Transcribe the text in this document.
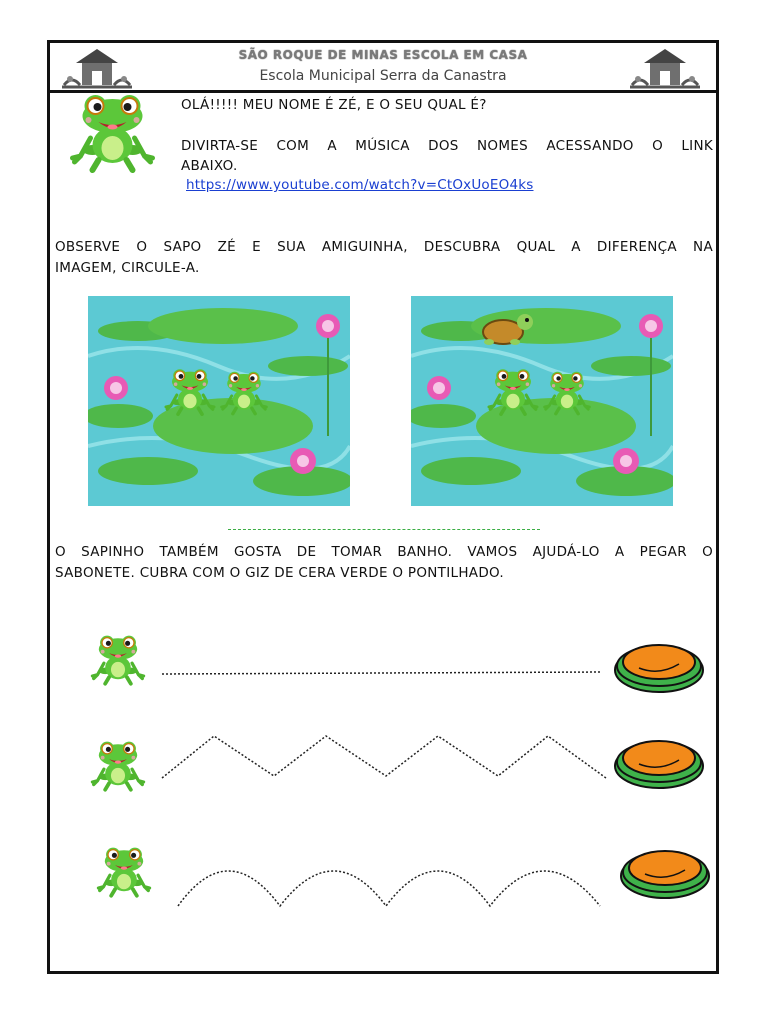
SÃO ROQUE DE MINAS ESCOLA EM CASA
Escola Municipal Serra da Canastra
OLÁ!!!!! MEU NOME É ZÉ, E O SEU QUAL É?
DIVIRTA-SE COM A MÚSICA DOS NOMES ACESSANDO O LINK
ABAIXO.
https://www.youtube.com/watch?v=CtOxUoEO4ks
OBSERVE O SAPO ZÉ E SUA AMIGUINHA, DESCUBRA QUAL A DIFERENÇA NA
IMAGEM, CIRCULE-A.
O SAPINHO TAMBÉM GOSTA DE TOMAR BANHO. VAMOS AJUDÁ-LO A PEGAR O
SABONETE. CUBRA COM O GIZ DE CERA VERDE O PONTILHADO.
